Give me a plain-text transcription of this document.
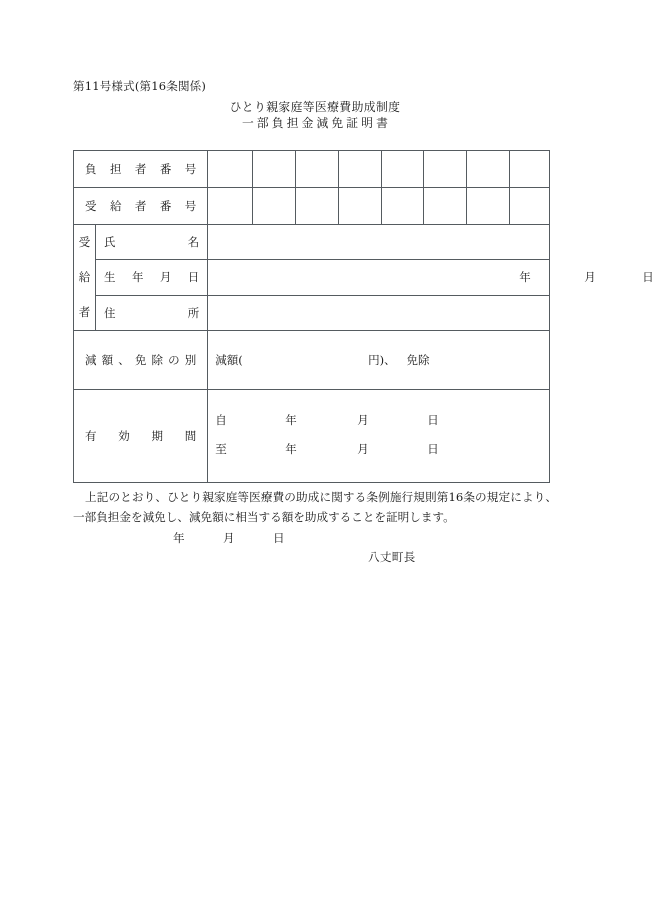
第11号様式(第16条関係)
ひとり親家庭等医療費助成制度
一部負担金減免証明書
負担者番号									

受給者番号									

受
給
者	氏名								

	生年月日	年 月 日							

	住所								

減額、免除の別		減額( 円)、 免除							

有効期間

自	年	月	日
至	年	月	日

上記のとおり、ひとり親家庭等医療費の助成に関する条例施行規則第16条の規定により、一部負担金を減免し、減免額に相当する額を助成することを証明します。

年	月	日
八丈町長
